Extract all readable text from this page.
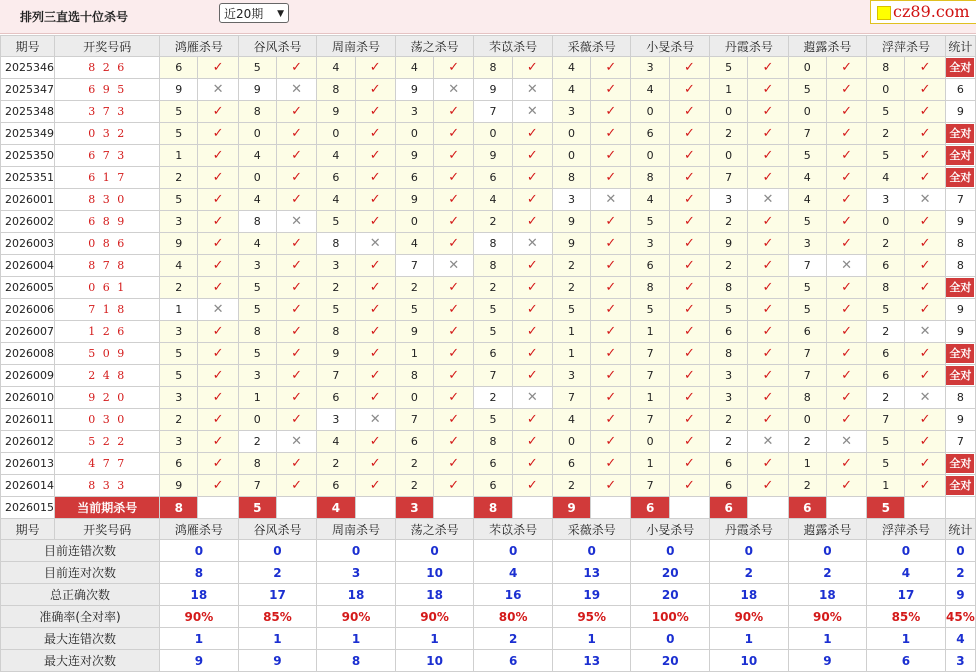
排列三直选十位杀号	近20期 ▼	cz89.com
期号	开奖号码	鸿雁杀号		谷风杀号		周南杀号		荡之杀号		芣苡杀号		采薇杀号		小旻杀号		丹霞杀号		蕸露杀号		浮萍杀号		统计
2025346	8 2 6	6	✓	5	✓	4	✓	4	✓	8	✓	4	✓	3	✓	5	✓	0	✓	8	✓	全对
2025347	6 9 5	9	✕	9	✕	8	✓	9	✕	9	✕	4	✓	4	✓	1	✓	5	✓	0	✓	6
2025348	3 7 3	5	✓	8	✓	9	✓	3	✓	7	✕	3	✓	0	✓	0	✓	0	✓	5	✓	9
2025349	0 3 2	5	✓	0	✓	0	✓	0	✓	0	✓	0	✓	6	✓	2	✓	7	✓	2	✓	全对
2025350	6 7 3	1	✓	4	✓	4	✓	9	✓	9	✓	0	✓	0	✓	0	✓	5	✓	5	✓	全对
2025351	6 1 7	2	✓	0	✓	6	✓	6	✓	6	✓	8	✓	8	✓	7	✓	4	✓	4	✓	全对
2026001	8 3 0	5	✓	4	✓	4	✓	9	✓	4	✓	3	✕	4	✓	3	✕	4	✓	3	✕	7
2026002	6 8 9	3	✓	8	✕	5	✓	0	✓	2	✓	9	✓	5	✓	2	✓	5	✓	0	✓	9
2026003	0 8 6	9	✓	4	✓	8	✕	4	✓	8	✕	9	✓	3	✓	9	✓	3	✓	2	✓	8
2026004	8 7 8	4	✓	3	✓	3	✓	7	✕	8	✓	2	✓	6	✓	2	✓	7	✕	6	✓	8
2026005	0 6 1	2	✓	5	✓	2	✓	2	✓	2	✓	2	✓	8	✓	8	✓	5	✓	8	✓	全对
2026006	7 1 8	1	✕	5	✓	5	✓	5	✓	5	✓	5	✓	5	✓	5	✓	5	✓	5	✓	9
2026007	1 2 6	3	✓	8	✓	8	✓	9	✓	5	✓	1	✓	1	✓	6	✓	6	✓	2	✕	9
2026008	5 0 9	5	✓	5	✓	9	✓	1	✓	6	✓	1	✓	7	✓	8	✓	7	✓	6	✓	全对
2026009	2 4 8	5	✓	3	✓	7	✓	8	✓	7	✓	3	✓	7	✓	3	✓	7	✓	6	✓	全对
2026010	9 2 0	3	✓	1	✓	6	✓	0	✓	2	✕	7	✓	1	✓	3	✓	8	✓	2	✕	8
2026011	0 3 0	2	✓	0	✓	3	✕	7	✓	5	✓	4	✓	7	✓	2	✓	0	✓	7	✓	9
2026012	5 2 2	3	✓	2	✕	4	✓	6	✓	8	✓	0	✓	0	✓	2	✕	2	✕	5	✓	7
2026013	4 7 7	6	✓	8	✓	2	✓	2	✓	6	✓	6	✓	1	✓	6	✓	1	✓	5	✓	全对
2026014	8 3 3	9	✓	7	✓	6	✓	2	✓	6	✓	2	✓	7	✓	6	✓	2	✓	1	✓	全对
2026015	当前期杀号	8		5		4		3		8		9		6		6		6		5		
期号	开奖号码	鸿雁杀号		谷风杀号		周南杀号		荡之杀号		芣苡杀号		采薇杀号		小旻杀号		丹霞杀号		蕸露杀号		浮萍杀号		统计
目前连错次数		0		0		0		0		0		0		0		0		0		0		0
目前连对次数		8		2		3		10		4		13		20		2		2		4		2
总正确次数		18		17		18		18		16		19		20		18		18		17		9
准确率(全对率)		90%		85%		90%		90%		80%		95%		100%		90%		90%		85%		45%
最大连错次数		1		1		1		1		2		1		0		1		1		1		4
最大连对次数		9		9		8		10		6		13		20		10		9		6		3
